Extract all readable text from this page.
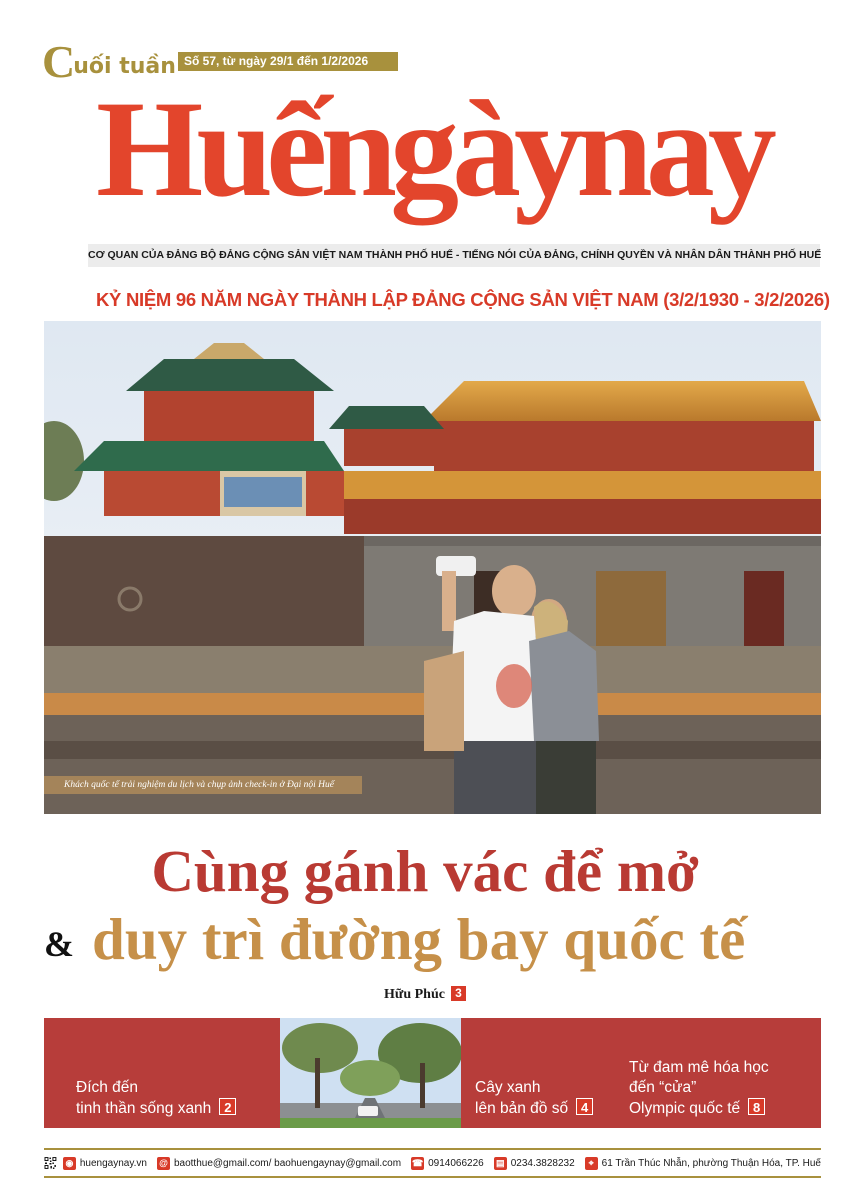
C
uối tuần Số 57, từ ngày 29/1 đến 1/2/2026
Huếngàynay
CƠ QUAN CỦA ĐẢNG BỘ ĐẢNG CỘNG SẢN VIỆT NAM THÀNH PHỐ HUẾ - TIẾNG NÓI CỦA ĐẢNG, CHÍNH QUYỀN VÀ NHÂN DÂN THÀNH PHỐ HUẾ
KỶ NIỆM 96 NĂM NGÀY THÀNH LẬP ĐẢNG CỘNG SẢN VIỆT NAM (3/2/1930 - 3/2/2026)
Khách quốc tế trải nghiệm du lịch và chụp ảnh check-in ở Đại nội Huế
Cùng gánh vác để mở
& duy trì đường bay quốc tế
Hữu Phúc 3
Đích đến
tinh thần sống xanh 2
Cây xanh
lên bản đồ số 4
Từ đam mê hóa học
đến “cửa”
Olympic quốc tế 8
◉ huengaynay.vn @ baotthue@gmail.com/ baohuengaynay@gmail.com ☎ 0914066226 ▤ 0234.3828232	⌖ 61 Trần Thúc Nhẫn, phường Thuận Hóa, TP. Huế
